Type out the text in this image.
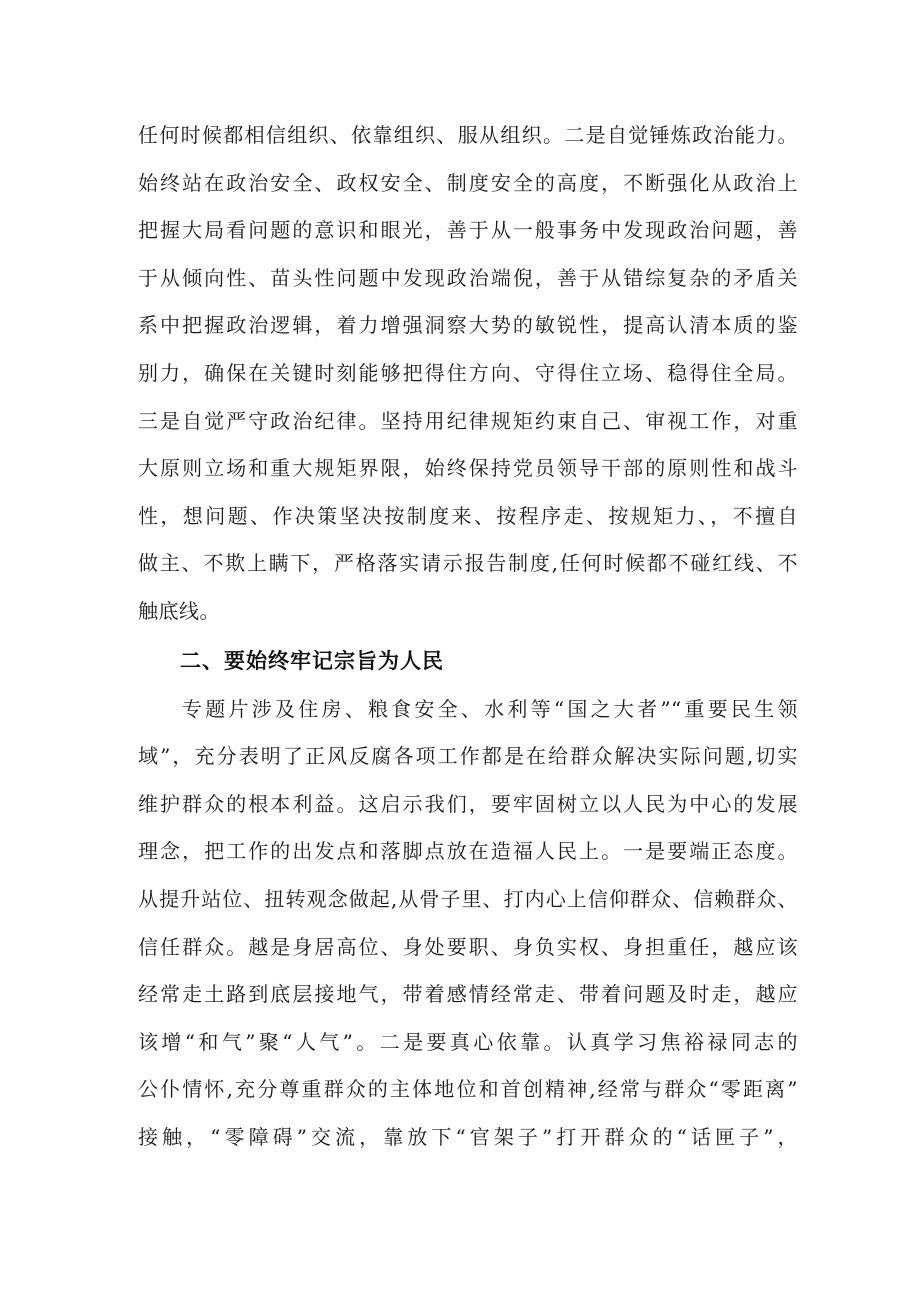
任何时候都相信组织、依靠组织、服从组织。二是自觉锤炼政治能力。
始终站在政治安全、政权安全、制度安全的高度，不断强化从政治上
把握大局看问题的意识和眼光，善于从一般事务中发现政治问题，善
于从倾向性、苗头性问题中发现政治端倪，善于从错综复杂的矛盾关
系中把握政治逻辑，着力增强洞察大势的敏锐性，提高认清本质的鉴
别力，确保在关键时刻能够把得住方向、守得住立场、稳得住全局。
三是自觉严守政治纪律。坚持用纪律规矩约束自己、审视工作，对重
大原则立场和重大规矩界限，始终保持党员领导干部的原则性和战斗
性，想问题、作决策坚决按制度来、按程序走、按规矩力、，不擅自
做主、不欺上瞒下，严格落实请示报告制度,任何时候都不碰红线、不
触底线。
二、要始终牢记宗旨为人民
专题片涉及住房、粮食安全、水利等“国之大者”“重要民生领
域”，充分表明了正风反腐各项工作都是在给群众解决实际问题,切实
维护群众的根本利益。这启示我们，要牢固树立以人民为中心的发展
理念，把工作的出发点和落脚点放在造福人民上。一是要端正态度。
从提升站位、扭转观念做起,从骨子里、打内心上信仰群众、信赖群众、
信任群众。越是身居高位、身处要职、身负实权、身担重任，越应该
经常走土路到底层接地气，带着感情经常走、带着问题及时走，越应
该增“和气”聚“人气”。二是要真心依靠。认真学习焦裕禄同志的
公仆情怀,充分尊重群众的主体地位和首创精神,经常与群众“零距离”
接触，“零障碍”交流，靠放下“官架子”打开群众的“话匣子”，
